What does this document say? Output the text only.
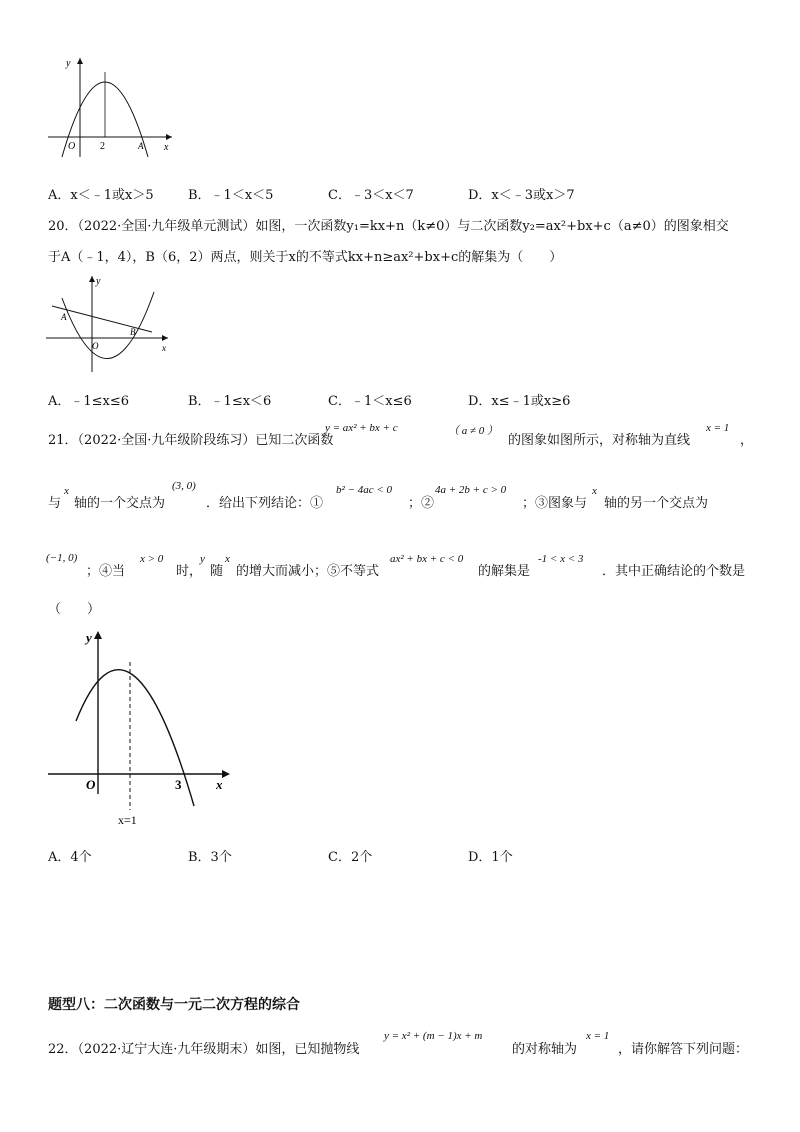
y
x
O 2	A
A．x＜﹣1或x＞5	B．﹣1＜x＜5	C．﹣3＜x＜7	D．x＜﹣3或x＞7
20．（2022·全国·九年级单元测试）如图，一次函数y₁=kx+n（k≠0）与二次函数y₂=ax²+bx+c（a≠0）的图象相交
于A（﹣1，4），B（6，2）两点，则关于x的不等式kx+n≥ax²+bx+c的解集为（　　）
y
x
O
A
B
A．﹣1≤x≤6	B．﹣1≤x＜6	C．﹣1＜x≤6	D．x≤﹣1或x≥6
21．（2022·全国·九年级阶段练习）已知二次函数
y = ax² + bx + c	（ a ≠ 0 ）
的图象如图所示，对称轴为直线
x = 1
，
与
x
轴的一个交点为
(3, 0)
．给出下列结论：①
b² − 4ac < 0
；②
4a + 2b + c > 0
；③图象与
x
轴的另一个交点为
(−1, 0)
；④当
x > 0
时，
y
随
x
的增大而减小；⑤不等式
ax² + bx + c < 0
的解集是
-1 < x < 3
．其中正确结论的个数是
（　　）
y
x
O	3
x=1
A．4个	B．3个	C．2个	D．1个
题型八：二次函数与一元二次方程的综合
22．（2022·辽宁大连·九年级期末）如图，已知抛物线
y = x² + (m − 1)x + m
的对称轴为
x = 1
，请你解答下列问题：
